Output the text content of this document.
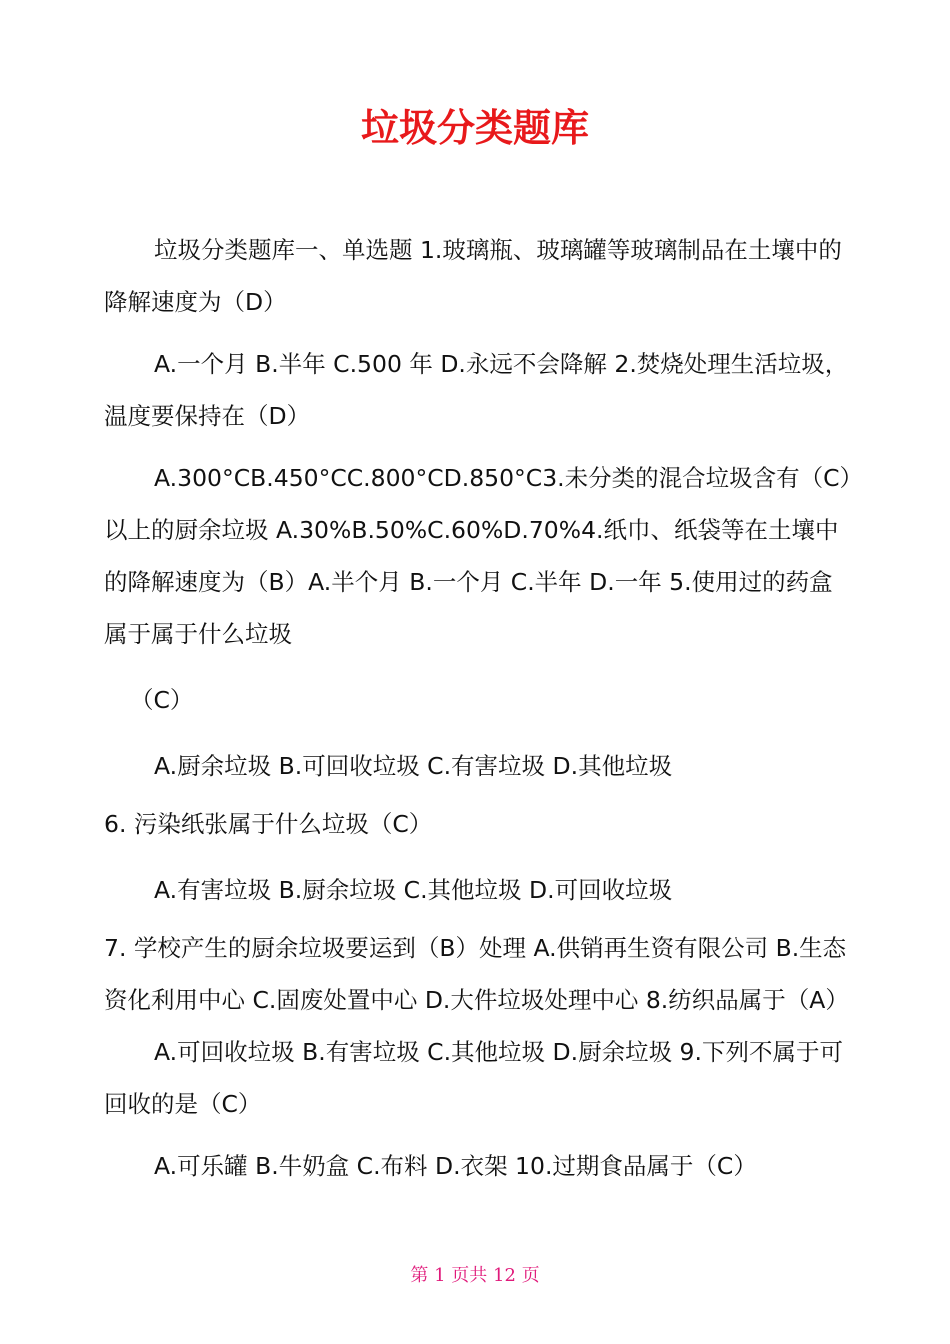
垃圾分类题库

垃圾分类题库一、单选题 1.玻璃瓶、玻璃罐等玻璃制品在土壤中的降解速度为（D）

A.一个月 B.半年 C.500 年 D.永远不会降解 2.焚烧处理生活垃圾，温度要保持在（D）

A.300°CB.450°CC.800°CD.850°C3.未分类的混合垃圾含有（C）以上的厨余垃圾 A.30%B.50%C.60%D.70%4.纸巾、纸袋等在土壤中的降解速度为（B）A.半个月 B.一个月 C.半年 D.一年 5.使用过的药盒属于属于什么垃圾

（C）

A.厨余垃圾 B.可回收垃圾 C.有害垃圾 D.其他垃圾

6. 污染纸张属于什么垃圾（C）

A.有害垃圾 B.厨余垃圾 C.其他垃圾 D.可回收垃圾

7. 学校产生的厨余垃圾要运到（B）处理 A.供销再生资有限公司 B.生态资化利用中心 C.固废处置中心 D.大件垃圾处理中心 8.纺织品属于（A）

A.可回收垃圾 B.有害垃圾 C.其他垃圾 D.厨余垃圾 9.下列不属于可回收的是（C）

A.可乐罐 B.牛奶盒 C.布料 D.衣架 10.过期食品属于（C）

第 1 页共 12 页
